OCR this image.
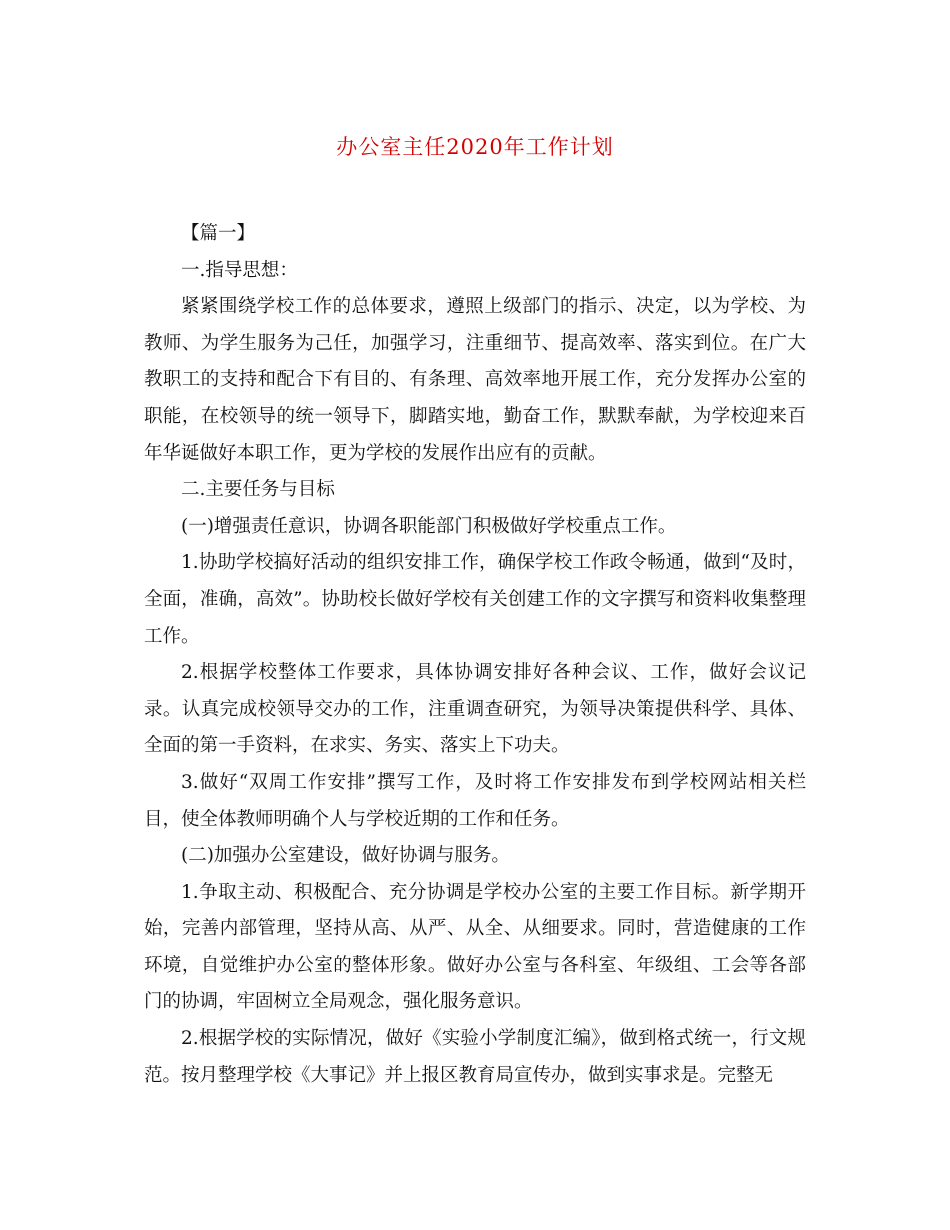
办公室主任2020年工作计划

【篇一】

一.指导思想：

紧紧围绕学校工作的总体要求，遵照上级部门的指示、决定，以为学校、为教师、为学生服务为己任，加强学习，注重细节、提高效率、落实到位。在广大教职工的支持和配合下有目的、有条理、高效率地开展工作，充分发挥办公室的职能，在校领导的统一领导下，脚踏实地，勤奋工作，默默奉献，为学校迎来百年华诞做好本职工作，更为学校的发展作出应有的贡献。

二.主要任务与目标

(一)增强责任意识，协调各职能部门积极做好学校重点工作。

1.协助学校搞好活动的组织安排工作，确保学校工作政令畅通，做到“及时，全面，准确，高效”。协助校长做好学校有关创建工作的文字撰写和资料收集整理工作。

2.根据学校整体工作要求，具体协调安排好各种会议、工作，做好会议记录。认真完成校领导交办的工作，注重调查研究，为领导决策提供科学、具体、全面的第一手资料，在求实、务实、落实上下功夫。

3.做好“双周工作安排”撰写工作，及时将工作安排发布到学校网站相关栏目，使全体教师明确个人与学校近期的工作和任务。

(二)加强办公室建设，做好协调与服务。

1.争取主动、积极配合、充分协调是学校办公室的主要工作目标。新学期开始，完善内部管理，坚持从高、从严、从全、从细要求。同时，营造健康的工作环境，自觉维护办公室的整体形象。做好办公室与各科室、年级组、工会等各部门的协调，牢固树立全局观念，强化服务意识。

2.根据学校的实际情况，做好《实验小学制度汇编》，做到格式统一，行文规范。按月整理学校《大事记》并上报区教育局宣传办，做到实事求是。完整无
